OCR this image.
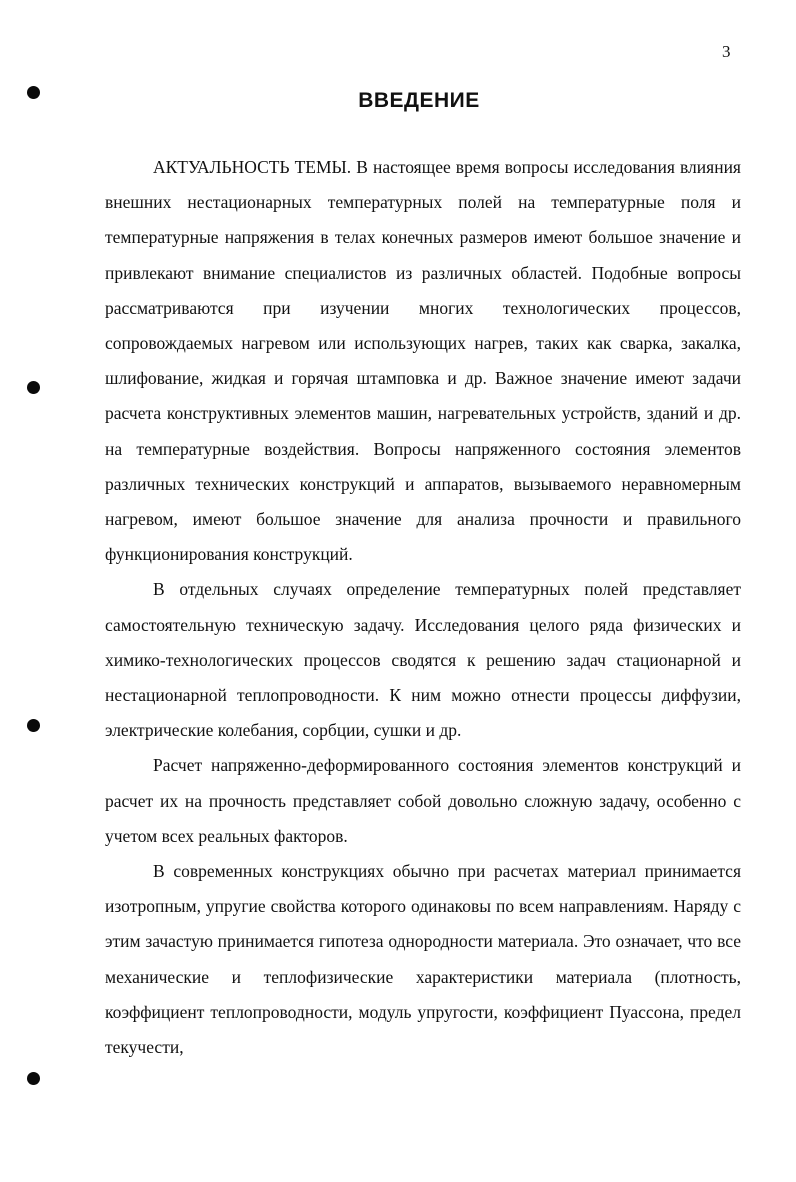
3
ВВЕДЕНИЕ

АКТУАЛЬНОСТЬ ТЕМЫ. В настоящее время вопросы исследования влияния внешних нестационарных температурных полей на температурные поля и температурные напряжения в телах конечных размеров имеют большое значение и привлекают внимание специалистов из различных областей. Подобные вопросы рассматриваются при изучении многих технологических процессов, сопровождаемых нагревом или использующих нагрев, таких как сварка, закалка, шлифование, жидкая и горячая штамповка и др. Важное значение имеют задачи расчета конструктивных элементов машин, нагревательных устройств, зданий и др. на температурные воздействия. Вопросы напряженного состояния элементов различных технических конструкций и аппаратов, вызываемого неравномерным нагревом, имеют большое значение для анализа прочности и правильного функционирования конструкций.

В отдельных случаях определение температурных полей представляет самостоятельную техническую задачу. Исследования целого ряда физических и химико-технологических процессов сводятся к решению задач стационарной и нестационарной теплопроводности. К ним можно отнести процессы диффузии, электрические колебания, сорбции, сушки и др.

Расчет напряженно-деформированного состояния элементов конструкций и расчет их на прочность представляет собой довольно сложную задачу, особенно с учетом всех реальных факторов.

В современных конструкциях обычно при расчетах материал принимается изотропным, упругие свойства которого одинаковы по всем направлениям. Наряду с этим зачастую принимается гипотеза однородности материала. Это означает, что все механические и теплофизические характеристики материала (плотность, коэффициент теплопроводности, модуль упругости, коэффициент Пуассона, предел текучести,
